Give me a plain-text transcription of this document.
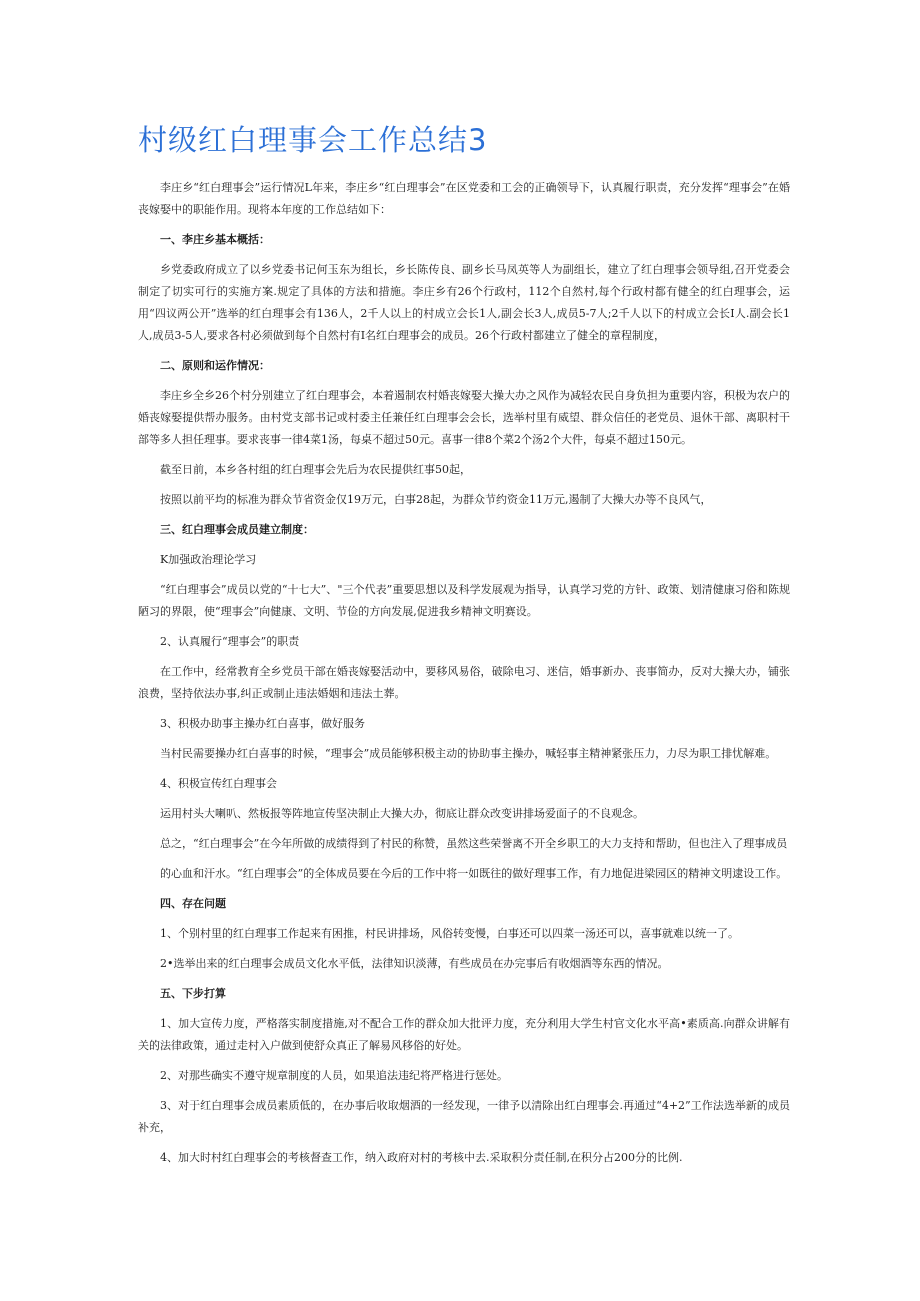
村级红白理事会工作总结3

李庄乡“红白理事会”运行情况L年来，李庄乡“红白理事会”在区党委和工会的正确领导下，认真履行职责，充分发挥“理事会”在婚丧嫁娶中的职能作用。现将本年度的工作总结如下：

一、李庄乡基本概括：

乡党委政府成立了以乡党委书记何玉东为组长，乡长陈传良、副乡长马凤英等人为副组长，建立了红白理事会领导组,召开党委会制定了切实可行的实施方案.规定了具体的方法和措施。李庄乡有26个行政村，112个自然村,每个行政村都有健全的红白理事会，运用“四议两公开”选举的红白理事会有136人，2千人以上的村成立会长1人,副会长3人,成员5-7人;2千人以下的村成立会长I人.副会长1人,成员3-5人,要求各村必须做到每个自然村有I名红白理事会的成员。26个行政村都建立了健全的章程制度，

二、原则和运作情况：

李庄乡全乡26个村分别建立了红白理事会，本着遏制农村婚丧嫁娶大操大办之风作为减轻农民自身负担为重要内容，积极为农户的婚丧嫁娶提供帮办服务。由村党支部书记或村委主任兼任红白理事会会长，选举村里有威望、群众信任的老党员、退休干部、离职村干部等多人担任理事。要求丧事一律4菜1汤，每桌不超过50元。喜事一律8个菜2个汤2个大件，每桌不超过150元。

截至日前，本乡各村组的红白理事会先后为农民提供红事50起，

按照以前平均的标准为群众节省资金仅19万元，白事28起，为群众节约资金11万元,遏制了大操大办等不良风气，

三、红白理事会成员建立制度：

K加强政治理论学习

“红白理事会”成员以党的“十七大”、"三个代表”重要思想以及科学发展观为指导，认真学习党的方针、政策、划清健康习俗和陈规陋习的界限，使“理事会”向健康、文明、节俭的方向发展,促进我乡精神文明赛设。

2、认真履行“理事会”的职责

在工作中，经常教育全乡党员干部在婚丧嫁娶活动中，要移风易俗，破除电习、迷信，婚事新办、丧事简办，反对大操大办，铺张浪费，坚持依法办事,纠正或制止违法婚姻和违法土葬。

3、积极办助事主操办红白喜事，做好服务

当村民需要操办红白喜事的时候，“理事会”成员能够积极主动的协助事主操办，喊轻事主精神紧张压力，力尽为职工排忧解难。

4、积极宣传红白理事会

运用村头大喇叭、然板报等阵地宣传坚决制止大操大办，彻底让群众改变讲排场爱面子的不良观念。

总之，“红白理事会”在今年所做的成绩得到了村民的称赞，虽然这些荣誉离不开全乡职工的大力支持和帮助，但也注入了理事成员

的心血和汗水。“红白理事会”的全体成员要在今后的工作中将一如既往的做好理事工作，有力地促进梁园区的精神文明逮设工作。

四、存在问题

1、个别村里的红白理事工作起来有困推，村民讲排场，风俗转变慢，白事还可以四菜一汤还可以，喜事就难以统一了。

2•选举出来的红白理事会成员文化水平低，法律知识淡薄，有些成员在办完事后有收烟酒等东西的情况。

五、下步打算

1、加大宣传力度，严格落实制度措施,对不配合工作的群众加大批评力度，充分利用大学生村官文化水平高•素质高.向群众讲解有关的法律政策，通过走村入户做到使舒众真正了解易风移俗的好处。

2、对那些确实不遵守规章制度的人员，如果追法违纪将严格进行惩处。

3、对于红白理事会成员素质低的，在办事后收取烟酒的一经发现，一律予以清除出红白理事会.再通过“4+2”工作法选举新的成员补充，

4、加大时村红白理事会的考核督查工作，纳入政府对村的考核中去.采取积分责任制,在积分占200分的比例.
